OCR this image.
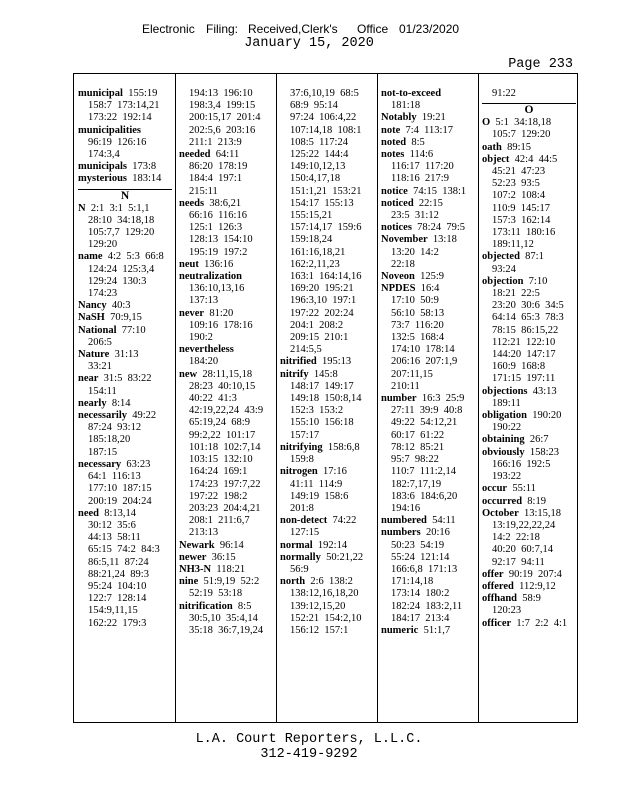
Electronic Filing: Received,Clerk's Office 01/23/2020
January 15, 2020
Page 233
municipal 155:19
158:7  173:14,21
173:22  192:14
municipalities
96:19  126:16
174:3,4
municipals 173:8
mysterious 183:14
N
N 2:1  3:1  5:1,1
28:10  34:18,18
105:7,7  129:20
129:20
name 4:2  5:3  66:8
124:24  125:3,4
129:24  130:3
174:23
Nancy 40:3
NaSH 70:9,15
National 77:10
206:5
Nature 31:13
33:21
near 31:5  83:22
154:11
nearly 8:14
necessarily 49:22
87:24  93:12
185:18,20
187:15
necessary 63:23
64:1  116:13
177:10  187:15
200:19  204:24
need 8:13,14
30:12  35:6
44:13  58:11
65:15  74:2  84:3
86:5,11  87:24
88:21,24  89:3
95:24  104:10
122:7  128:14
154:9,11,15
162:22  179:3
194:13  196:10
198:3,4  199:15
200:15,17  201:4
202:5,6  203:16
211:1  213:9
needed 64:11
86:20  178:19
184:4  197:1
215:11
needs 38:6,21
66:16  116:16
125:1  126:3
128:13  154:10
195:19  197:2
neut 136:16
neutralization
136:10,13,16
137:13
never 81:20
109:16  178:16
190:2
nevertheless
184:20
new 28:11,15,18
28:23  40:10,15
40:22  41:3
42:19,22,24  43:9
65:19,24  68:9
99:2,22  101:17
101:18  102:7,14
103:15  132:10
164:24  169:1
174:23  197:7,22
197:22  198:2
203:23  204:4,21
208:1  211:6,7
213:13
Newark 96:14
newer 36:15
NH3-N 118:21
nine 51:9,19  52:2
52:19  53:18
nitrification 8:5
30:5,10  35:4,14
35:18  36:7,19,24
37:6,10,19  68:5
68:9  95:14
97:24  106:4,22
107:14,18  108:1
108:5  117:24
125:22  144:4
149:10,12,13
150:4,17,18
151:1,21  153:21
154:17  155:13
155:15,21
157:14,17  159:6
159:18,24
161:16,18,21
162:2,11,23
163:1  164:14,16
169:20  195:21
196:3,10  197:1
197:22  202:24
204:1  208:2
209:15  210:1
214:5,5
nitrified 195:13
nitrify 145:8
148:17  149:17
149:18  150:8,14
152:3  153:2
155:10  156:18
157:17
nitrifying 158:6,8
159:8
nitrogen 17:16
41:11  114:9
149:19  158:6
201:8
non-detect 74:22
127:15
normal 192:14
normally 50:21,22
56:9
north 2:6  138:2
138:12,16,18,20
139:12,15,20
152:21  154:2,10
156:12  157:1
not-to-exceed
181:18
Notably 19:21
note 7:4  113:17
noted 8:5
notes 114:6
116:17  117:20
118:16  217:9
notice 74:15  138:1
noticed 22:15
23:5  31:12
notices 78:24  79:5
November 13:18
13:20  14:2
22:18
Noveon 125:9
NPDES 16:4
17:10  50:9
56:10  58:13
73:7  116:20
132:5  168:4
174:10  178:14
206:16  207:1,9
207:11,15
210:11
number 16:3  25:9
27:11  39:9  40:8
49:22  54:12,21
60:17  61:22
78:12  85:21
95:7  98:22
110:7  111:2,14
182:7,17,19
183:6  184:6,20
194:16
numbered 54:11
numbers 20:16
50:23  54:19
55:24  121:14
166:6,8  171:13
171:14,18
173:14  180:2
182:24  183:2,11
184:17  213:4
numeric 51:1,7
91:22
O
O 5:1  34:18,18
105:7  129:20
oath 89:15
object 42:4  44:5
45:21  47:23
52:23  93:5
107:2  108:4
110:9  145:17
157:3  162:14
173:11  180:16
189:11,12
objected 87:1
93:24
objection 7:10
18:21  22:5
23:20  30:6  34:5
64:14  65:3  78:3
78:15  86:15,22
112:21  122:10
144:20  147:17
160:9  168:8
171:15  197:11
objections 43:13
189:11
obligation 190:20
190:22
obtaining 26:7
obviously 158:23
166:16  192:5
193:22
occur 55:11
occurred 8:19
October 13:15,18
13:19,22,22,24
14:2  22:18
40:20  60:7,14
92:17  94:11
offer 90:19  207:4
offered 112:9,12
offhand 58:9
120:23
officer 1:7  2:2  4:1
L.A. Court Reporters, L.L.C.
312-419-9292
